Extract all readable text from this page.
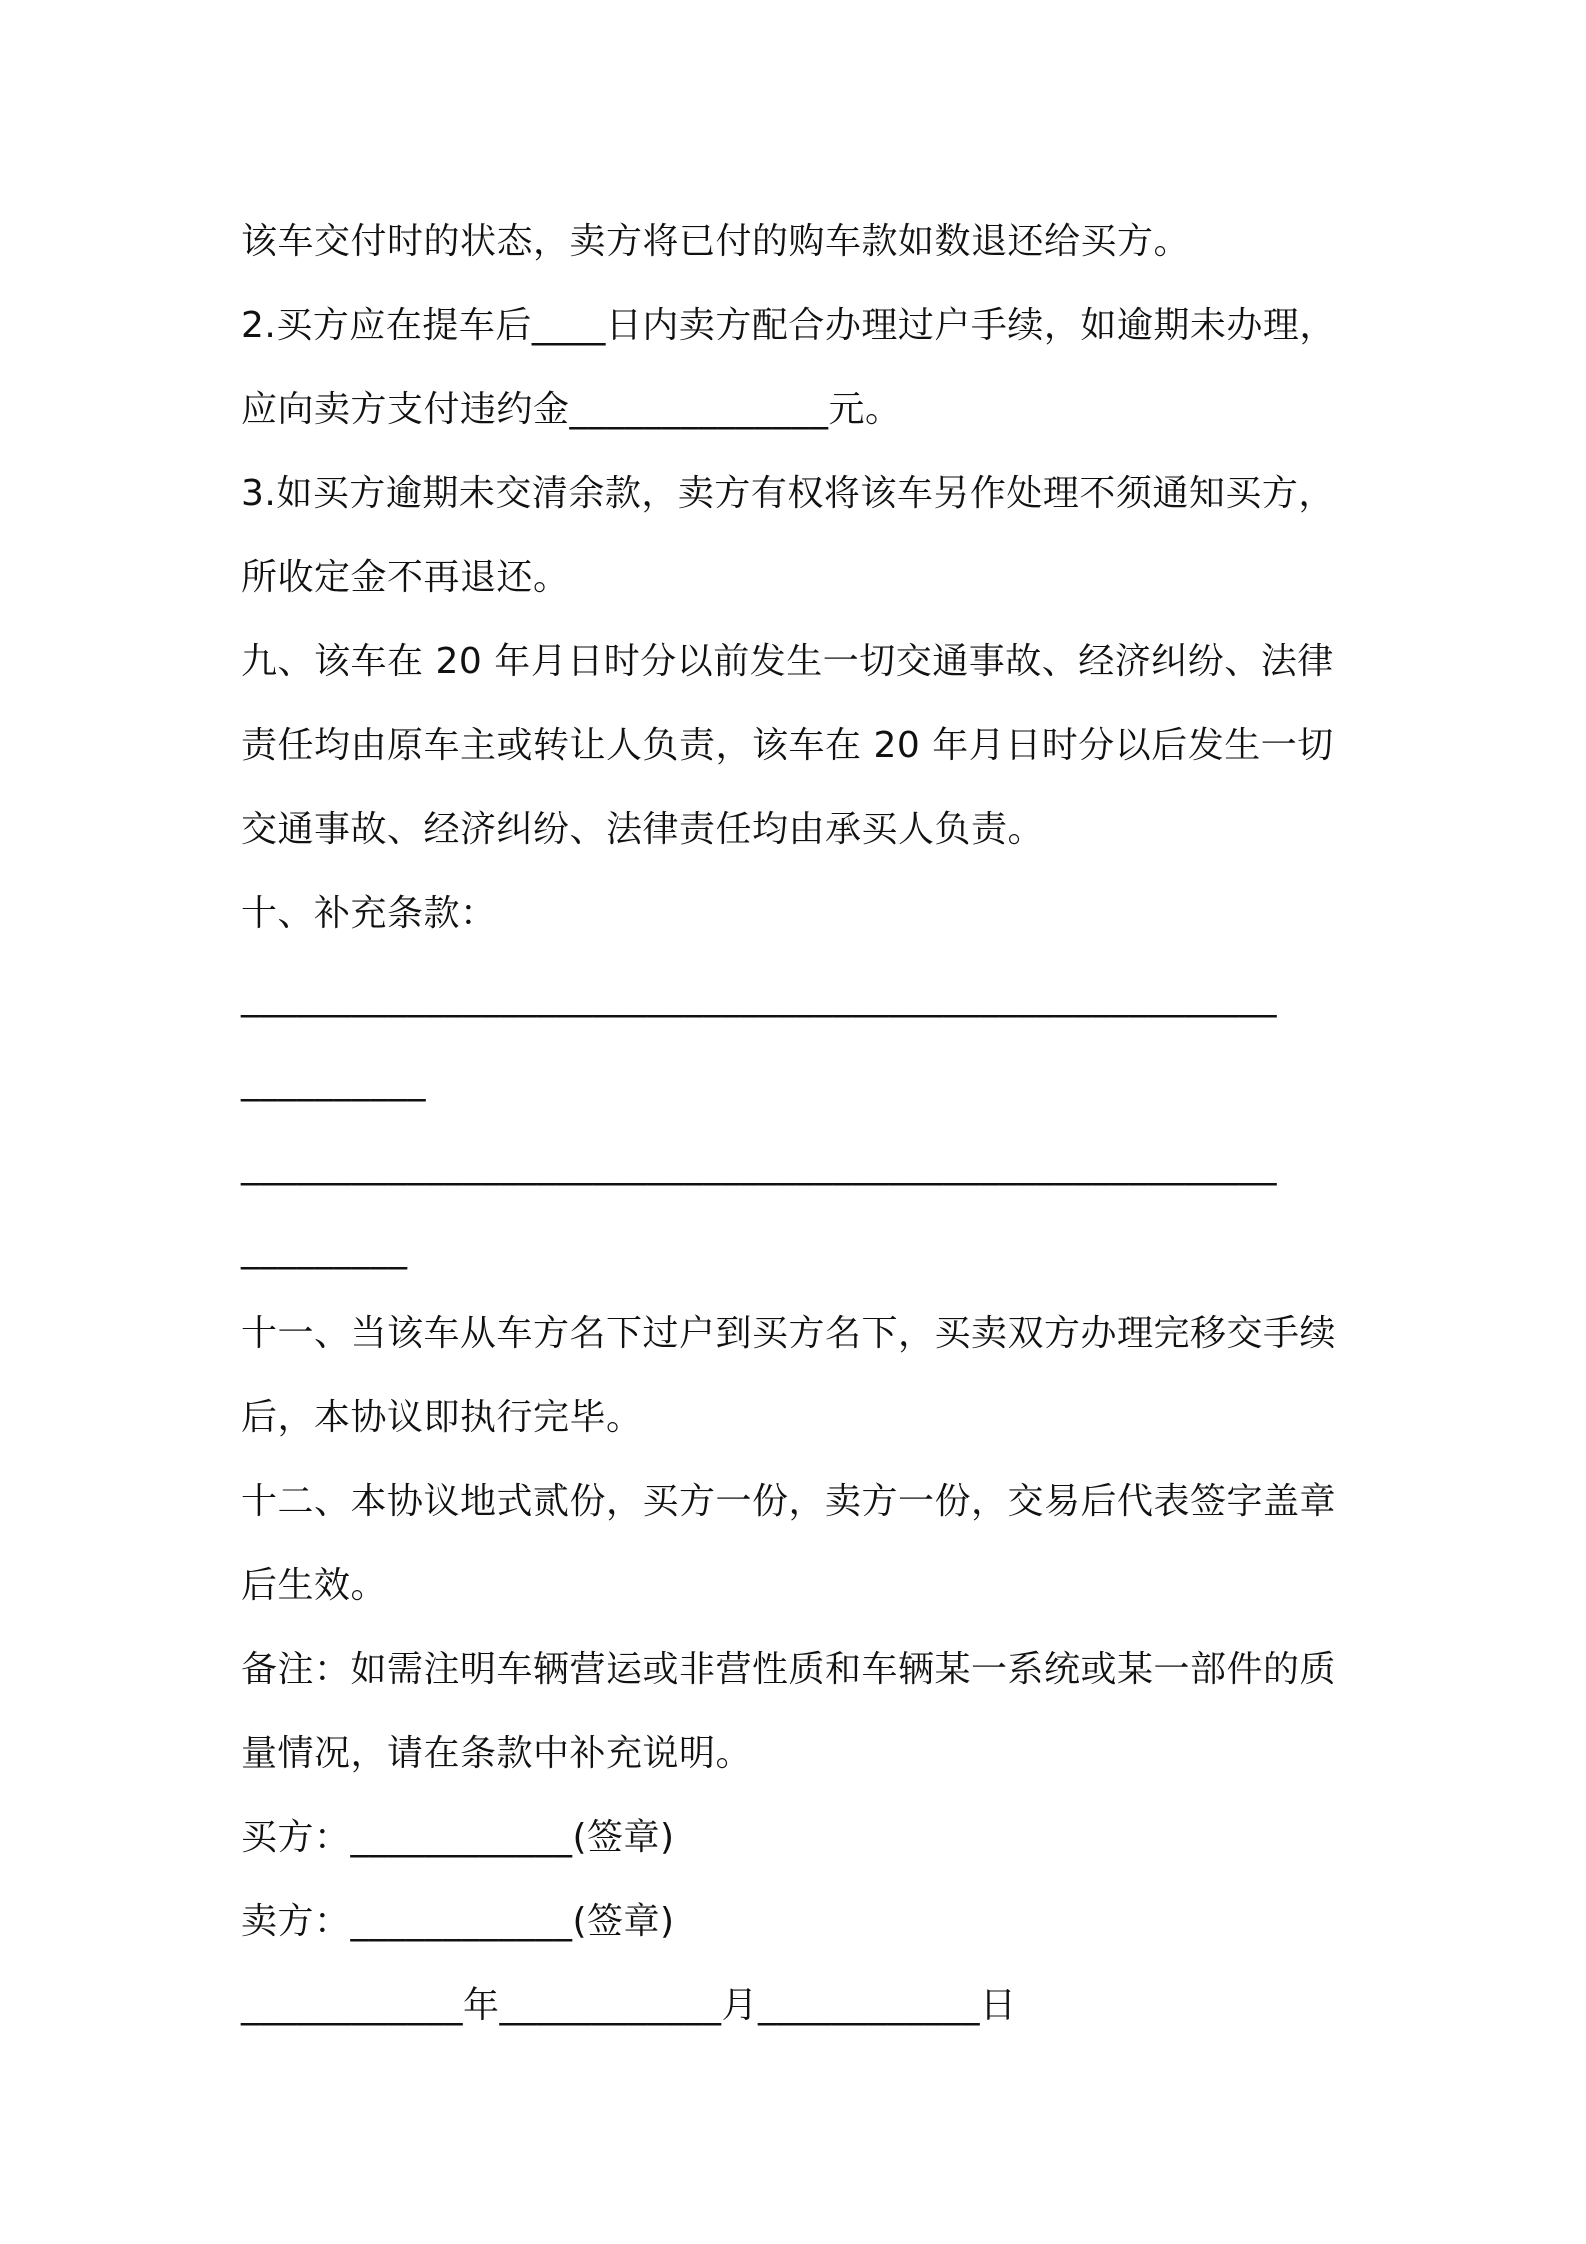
该车交付时的状态，卖方将已付的购车款如数退还给买方。
2.买方应在提车后____日内卖方配合办理过户手续，如逾期未办理，
应向卖方支付违约金______________元。
3.如买方逾期未交清余款，卖方有权将该车另作处理不须通知买方，
所收定金不再退还。
九、该车在 20 年月日时分以前发生一切交通事故、经济纠纷、法律
责任均由原车主或转让人负责，该车在 20 年月日时分以后发生一切
交通事故、经济纠纷、法律责任均由承买人负责。
十、补充条款：
________________________________________________________
__________
________________________________________________________
_________
十一、当该车从车方名下过户到买方名下，买卖双方办理完移交手续
后，本协议即执行完毕。
十二、本协议地式贰份，买方一份，卖方一份，交易后代表签字盖章
后生效。
备注：如需注明车辆营运或非营性质和车辆某一系统或某一部件的质
量情况，请在条款中补充说明。
买方：____________(签章)
卖方：____________(签章)
____________年____________月____________日
